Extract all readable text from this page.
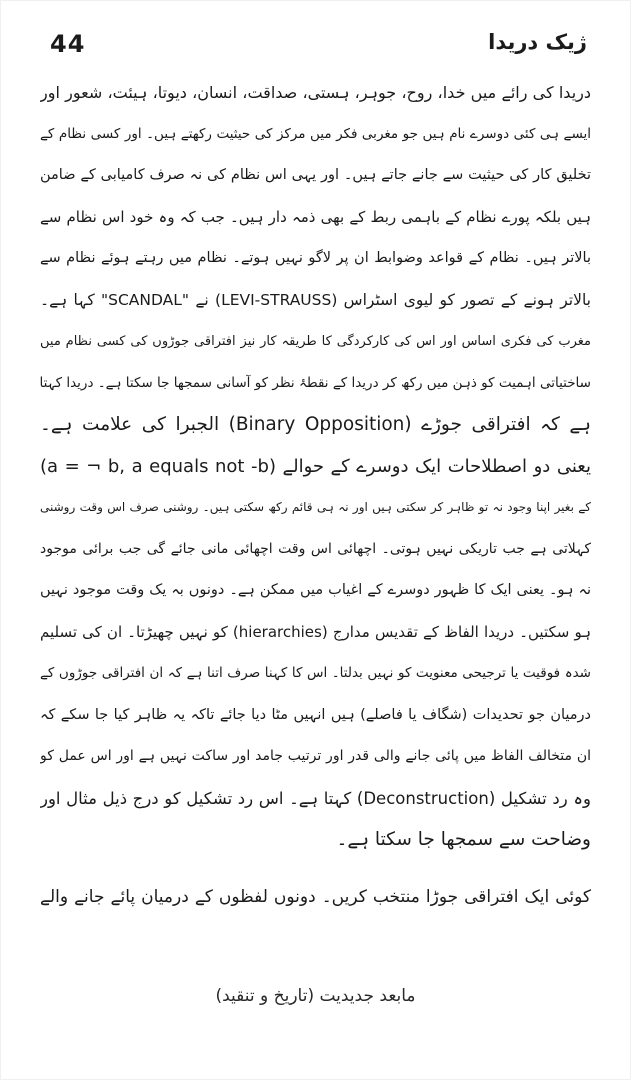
44	ژیک دریدا
دریدا کی رائے میں خدا، روح، جوہر، ہستی، صداقت، انسان، دیوتا، ہیئت، شعور اور
ایسے ہی کئی دوسرے نام ہیں جو مغربی فکر میں مرکز کی حیثیت رکھتے ہیں۔ اور کسی نظام کے
تخلیق کار کی حیثیت سے جانے جاتے ہیں۔ اور یہی اس نظام کی نہ صرف کامیابی کے ضامن
ہیں بلکہ پورے نظام کے باہمی ربط کے بھی ذمہ دار ہیں۔ جب کہ وہ خود اس نظام سے
بالاتر ہیں۔ نظام کے قواعد وضوابط ان پر لاگو نہیں ہوتے۔ نظام میں رہتے ہوئے نظام سے
بالاتر ہونے کے تصور کو لیوی اسٹراس (LEVI-STRAUSS) نے "SCANDAL" کہا ہے۔
مغرب کی فکری اساس اور اس کی کارکردگی کا طریقہ کار نیز افتراقی جوڑوں کی کسی نظام میں
ساختیاتی اہمیت کو ذہن میں رکھ کر دریدا کے نقطۂ نظر کو آسانی سمجھا جا سکتا ہے۔ دریدا کہتا
ہے کہ افتراقی جوڑے (Binary Opposition) الجبرا کی علامت ہے۔
(a = ¬ b, a equals not -b) یعنی دو اصطلاحات ایک دوسرے کے حوالے
کے بغیر اپنا وجود نہ تو ظاہر کر سکتی ہیں اور نہ ہی قائم رکھ سکتی ہیں۔ روشنی صرف اس وقت روشنی
کہلاتی ہے جب تاریکی نہیں ہوتی۔ اچھائی اس وقت اچھائی مانی جائے گی جب برائی موجود
نہ ہو۔ یعنی ایک کا ظہور دوسرے کے اغیاب میں ممکن ہے۔ دونوں بہ یک وقت موجود نہیں
ہو سکتیں۔ دریدا الفاظ کے تقدیس مدارج (hierarchies) کو نہیں چھیڑتا۔ ان کی تسلیم
شدہ فوقیت یا ترجیحی معنویت کو نہیں بدلتا۔ اس کا کہنا صرف اتنا ہے کہ ان افتراقی جوڑوں کے
درمیان جو تحدیدات (شگاف یا فاصلے) ہیں انہیں مٹا دیا جائے تاکہ یہ ظاہر کیا جا سکے کہ
ان متخالف الفاظ میں پائی جانے والی قدر اور ترتیب جامد اور ساکت نہیں ہے اور اس عمل کو
وہ رد تشکیل (Deconstruction) کہتا ہے۔ اس رد تشکیل کو درج ذیل مثال اور
وضاحت سے سمجھا جا سکتا ہے۔
کوئی ایک افتراقی جوڑا منتخب کریں۔ دونوں لفظوں کے درمیان پائے جانے والے
مابعد جدیدیت (تاریخ و تنقید)
